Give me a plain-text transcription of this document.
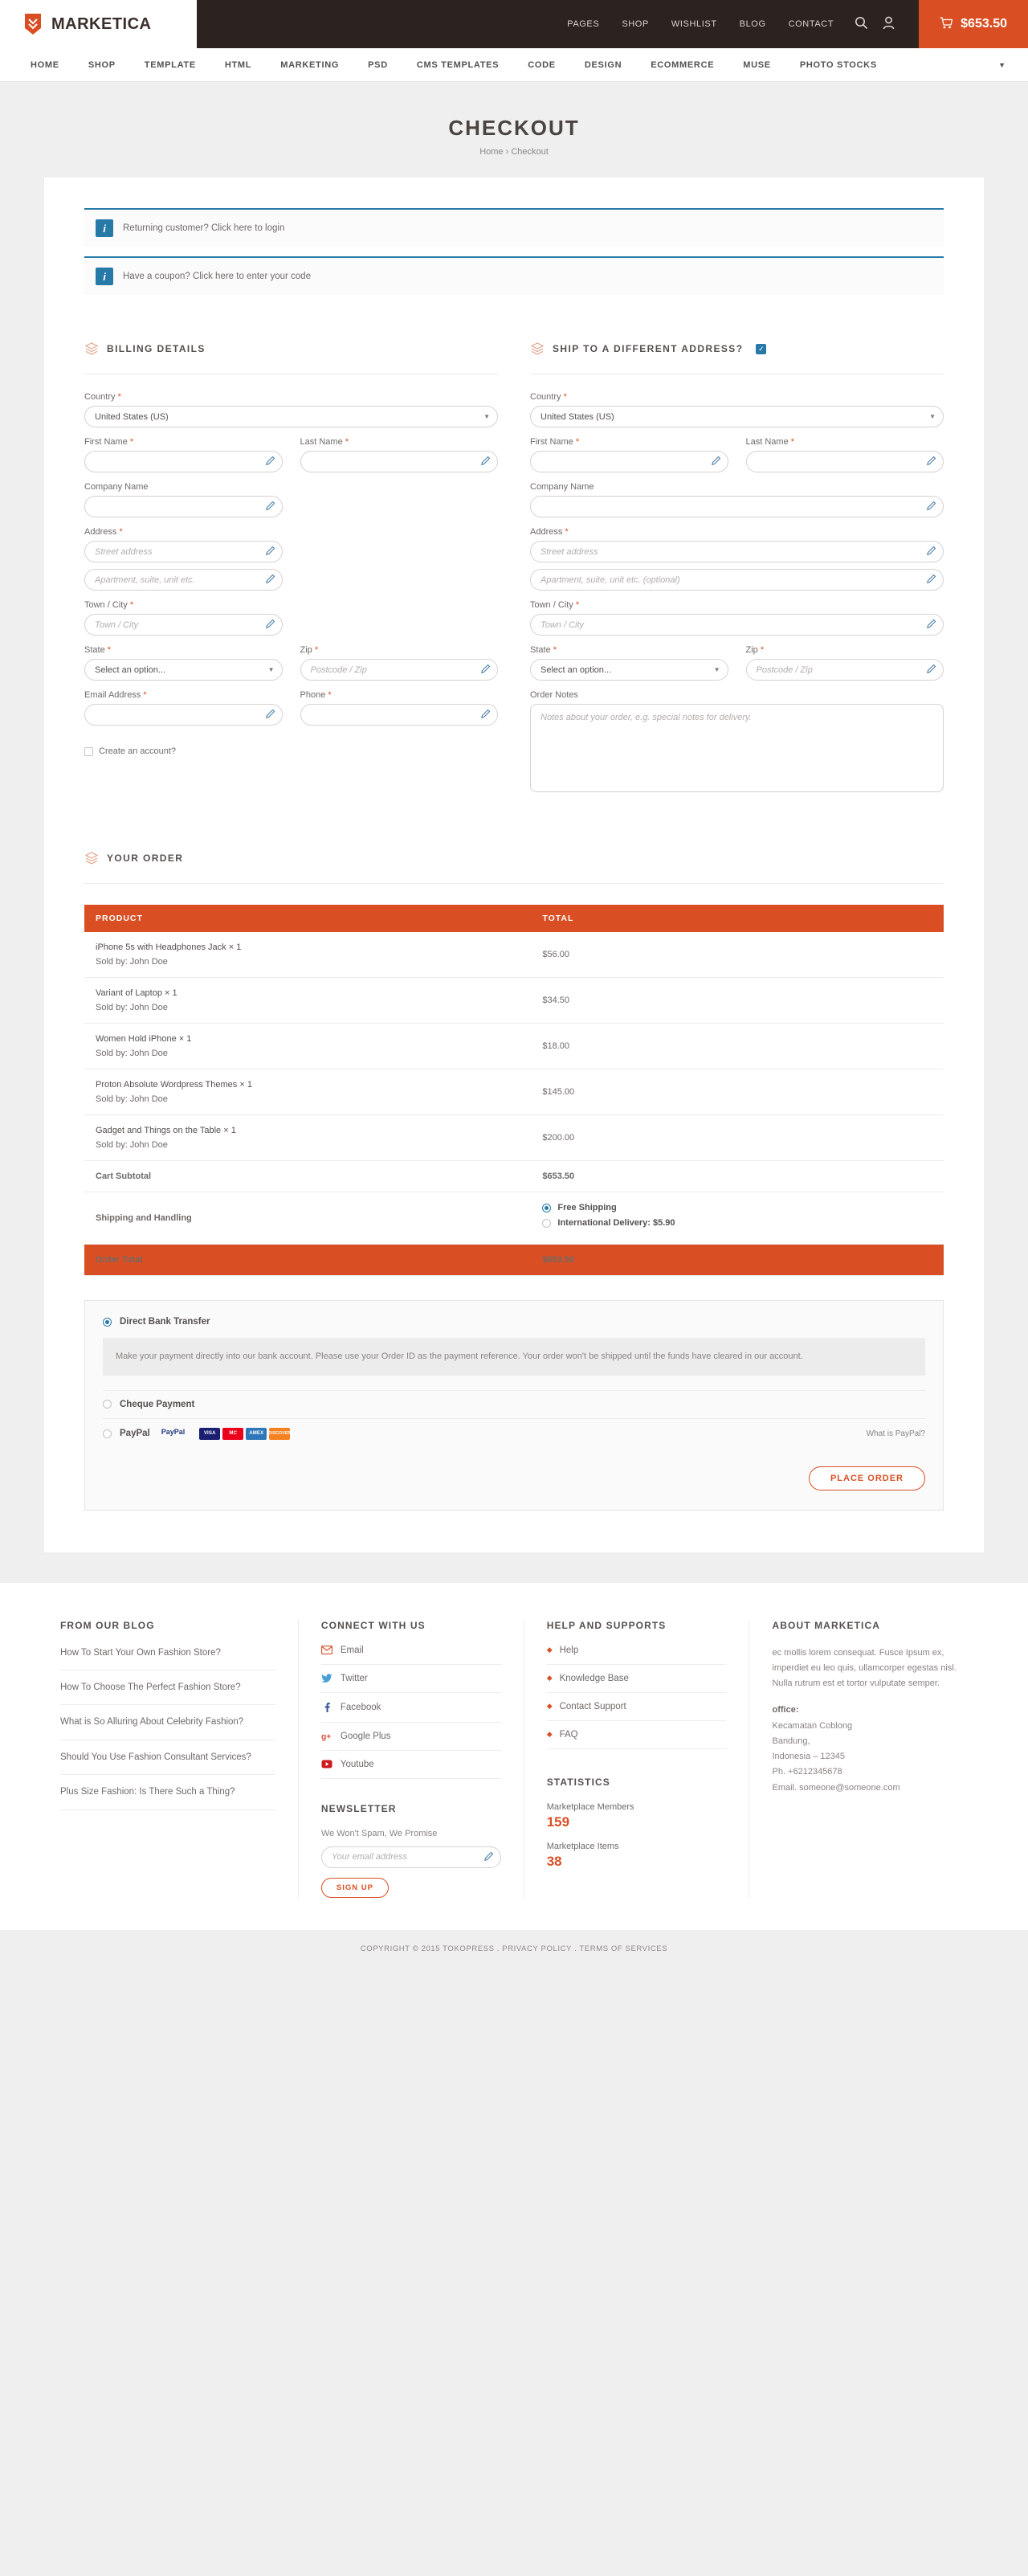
MARKETICA	PAGES	SHOP	WISHLIST	BLOG	CONTACT	$653.50
HOME	SHOP	TEMPLATE	HTML	MARKETING	PSD	CMS TEMPLATES	CODE	DESIGN	ECOMMERCE	MUSE	PHOTO STOCKS	▼
CHECKOUT
Home › Checkout
i	Returning customer? Click here to login
i	Have a coupon? Click here to enter your code
BILLING DETAILS
Country *
United States (US)
▼
First Name *	Last Name *
Company Name
Address *
Street address
Apartment, suite, unit etc.
Town / City *
Town / City
State *
Select an option...
▼
Zip *
Postcode / Zip
Email Address *	Phone *
Create an account?
SHIP TO A DIFFERENT ADDRESS?	✓
Country *
United States (US)
▼
First Name *	Last Name *
Company Name
Address *
Street address
Apartment, suite, unit etc. (optional)
Town / City *
Town / City
State *
Select an option...
▼
Zip *
Postcode / Zip
Order Notes
Notes about your order, e.g. special notes for delivery.
YOUR ORDER
PRODUCT	TOTAL

iPhone 5s with Headphones Jack × 1
Sold by: John Doe	$56.00

Variant of Laptop × 1
Sold by: John Doe	$34.50

Women Hold iPhone × 1
Sold by: John Doe	$18.00

Proton Absolute Wordpress Themes × 1
Sold by: John Doe	$145.00

Gadget and Things on the Table × 1
Sold by: John Doe	$200.00
Cart Subtotal	$653.50
Shipping and Handling	Free Shipping
International Delivery: $5.90

Order Total	$653.50
Direct Bank Transfer
Make your payment directly into our bank account. Please use your Order ID as the payment reference. Your order won't be shipped until the funds have cleared in our account.
Cheque Payment
PayPal PayPal	VISA	MC	AMEX	DISCOVER	What is PayPal?
PLACE ORDER
FROM OUR BLOG
How To Start Your Own Fashion Store?
How To Choose The Perfect Fashion Store?
What is So Alluring About Celebrity Fashion?
Should You Use Fashion Consultant Services?
Plus Size Fashion: Is There Such a Thing?
CONNECT WITH US
Email
Twitter
Facebook
g+ Google Plus
Youtube
NEWSLETTER
We Won't Spam, We Promise
Your email address
SIGN UP
HELP AND SUPPORTS
◆ Help
◆ Knowledge Base
◆ Contact Support
◆ FAQ
STATISTICS
Marketplace Members
159
Marketplace Items
38
ABOUT MARKETICA
ec mollis lorem consequat. Fusce Ipsum ex, imperdiet eu leo quis, ullamcorper egestas nisl. Nulla rutrum est et tortor vulputate semper.
office:
Kecamatan Coblong
Bandung,
Indonesia – 12345
Ph. +6212345678
Email. someone@someone.com
COPYRIGHT © 2015 TOKOPRESS . PRIVACY POLICY . TERMS OF SERVICES
